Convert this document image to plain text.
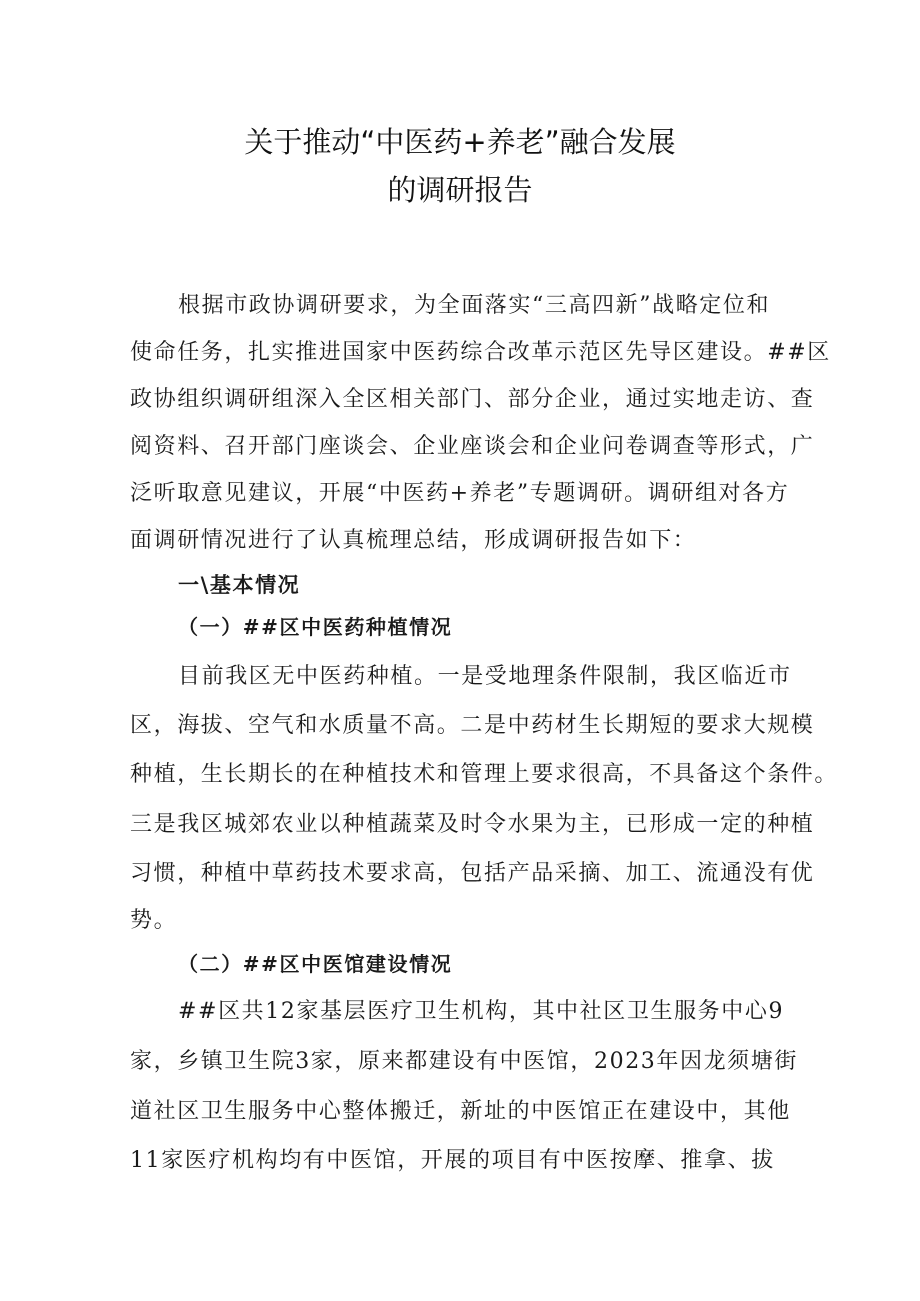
关于推动“中医药+养老”融合发展
的调研报告
根据市政协调研要求，为全面落实“三高四新”战略定位和
使命任务，扎实推进国家中医药综合改革示范区先导区建设。##区
政协组织调研组深入全区相关部门、部分企业，通过实地走访、查
阅资料、召开部门座谈会、企业座谈会和企业问卷调查等形式，广
泛听取意见建议，开展“中医药+养老”专题调研。调研组对各方
面调研情况进行了认真梳理总结，形成调研报告如下：
一\基本情况
（一）##区中医药种植情况
目前我区无中医药种植。一是受地理条件限制，我区临近市
区，海拔、空气和水质量不高。二是中药材生长期短的要求大规模
种植，生长期长的在种植技术和管理上要求很高，不具备这个条件。
三是我区城郊农业以种植蔬菜及时令水果为主，已形成一定的种植
习惯，种植中草药技术要求高，包括产品采摘、加工、流通没有优
势。
（二）##区中医馆建设情况
##区共12家基层医疗卫生机构，其中社区卫生服务中心9
家，乡镇卫生院3家，原来都建设有中医馆，2023年因龙须塘街
道社区卫生服务中心整体搬迁，新址的中医馆正在建设中，其他
11家医疗机构均有中医馆，开展的项目有中医按摩、推拿、拔
